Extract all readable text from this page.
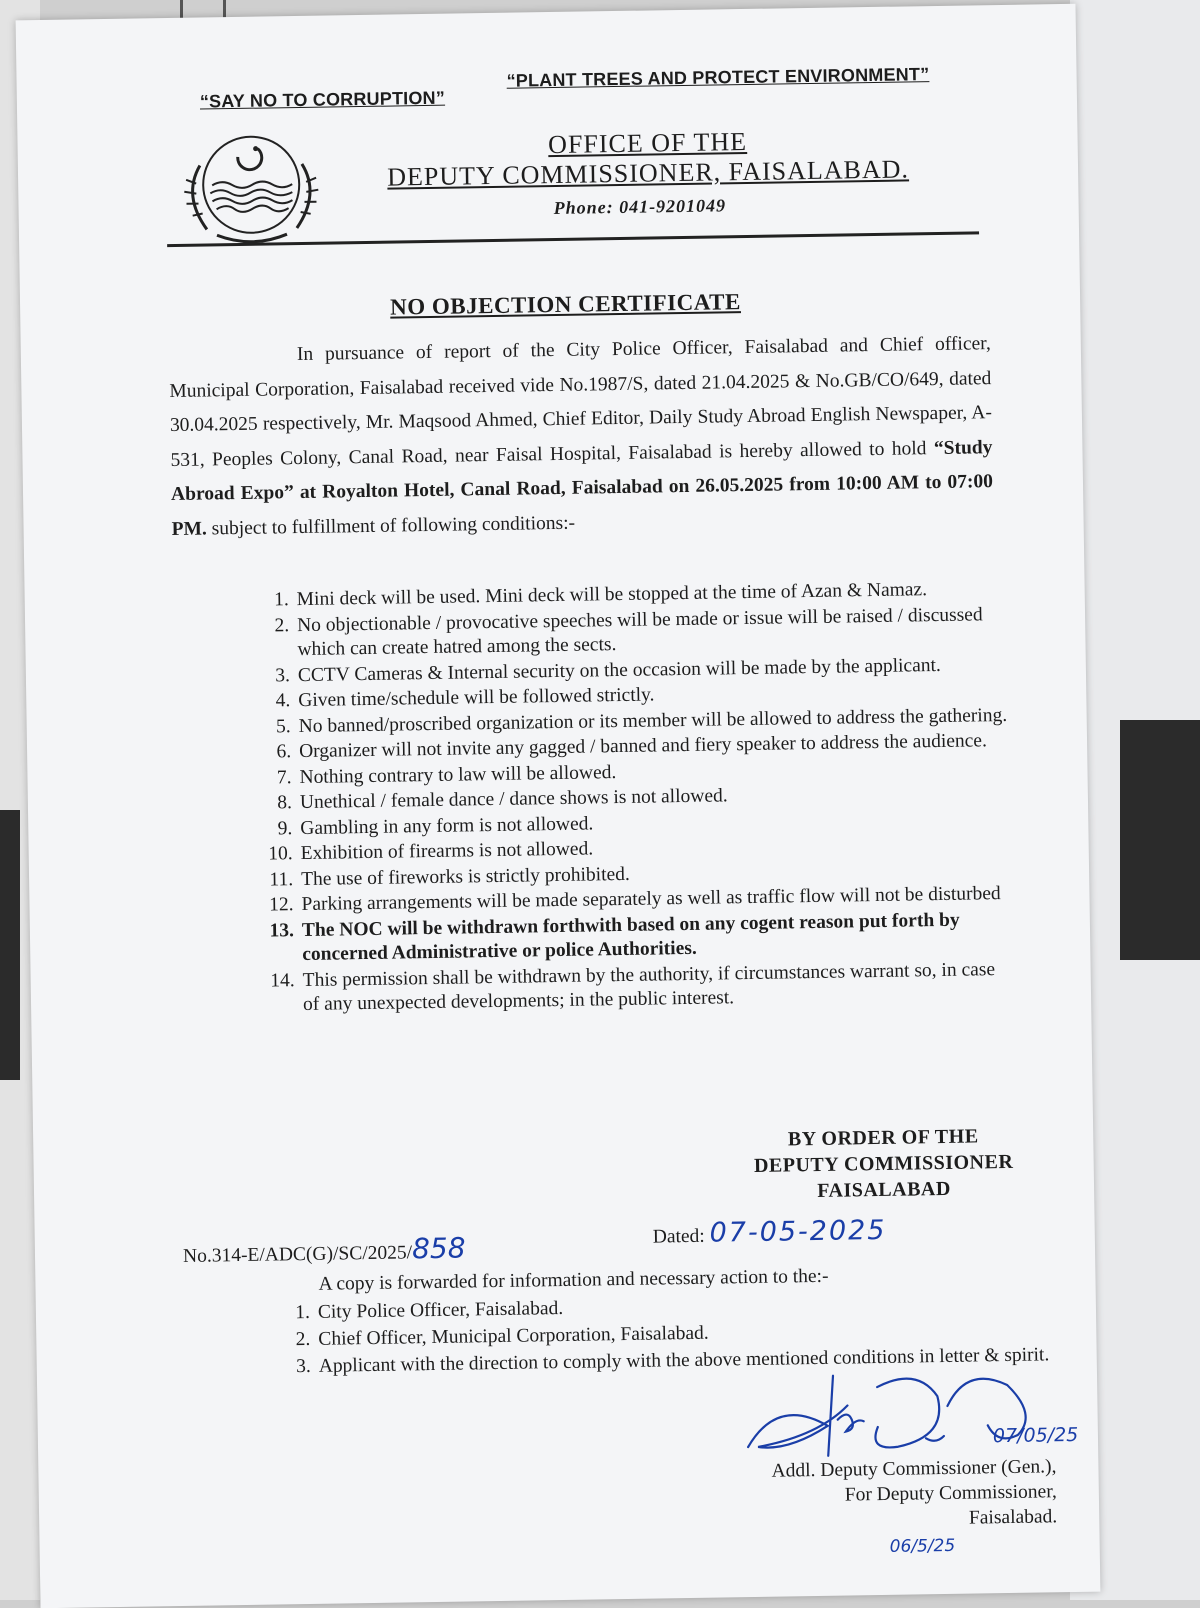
“SAY NO TO CORRUPTION”
“PLANT TREES AND PROTECT ENVIRONMENT”
OFFICE OF THE
DEPUTY COMMISSIONER, FAISALABAD.
Phone: 041-9201049
NO OBJECTION CERTIFICATE
In pursuance of report of the City Police Officer, Faisalabad and Chief officer, Municipal Corporation, Faisalabad received vide No.1987/S, dated 21.04.2025 & No.GB/CO/649, dated 30.04.2025 respectively, Mr. Maqsood Ahmed, Chief Editor, Daily Study Abroad English Newspaper, A-531, Peoples Colony, Canal Road, near Faisal Hospital, Faisalabad is hereby allowed to hold “Study Abroad Expo” at Royalton Hotel, Canal Road, Faisalabad on 26.05.2025 from 10:00 AM to 07:00 PM. subject to fulfillment of following conditions:-
1. Mini deck will be used. Mini deck will be stopped at the time of Azan & Namaz.
2. No objectionable / provocative speeches will be made or issue will be raised / discussed which can create hatred among the sects.
3. CCTV Cameras & Internal security on the occasion will be made by the applicant.
4. Given time/schedule will be followed strictly.
5. No banned/proscribed organization or its member will be allowed to address the gathering.
6. Organizer will not invite any gagged / banned and fiery speaker to address the audience.
7. Nothing contrary to law will be allowed.
8. Unethical / female dance / dance shows is not allowed.
9. Gambling in any form is not allowed.
10. Exhibition of firearms is not allowed.
11. The use of fireworks is strictly prohibited.
12. Parking arrangements will be made separately as well as traffic flow will not be disturbed
13. The NOC will be withdrawn forthwith based on any cogent reason put forth by concerned Administrative or police Authorities.
14. This permission shall be withdrawn by the authority, if circumstances warrant so, in case of any unexpected developments; in the public interest.
BY ORDER OF THE
DEPUTY COMMISSIONER
FAISALABAD
No.314-E/ADC(G)/SC/2025/858	Dated: 07-05-2025
A copy is forwarded for information and necessary action to the:-
1. City Police Officer, Faisalabad.
2. Chief Officer, Municipal Corporation, Faisalabad.
3. Applicant with the direction to comply with the above mentioned conditions in letter & spirit.
07/05/25
Addl. Deputy Commissioner (Gen.),
For Deputy Commissioner,
Faisalabad.
06/5/25
